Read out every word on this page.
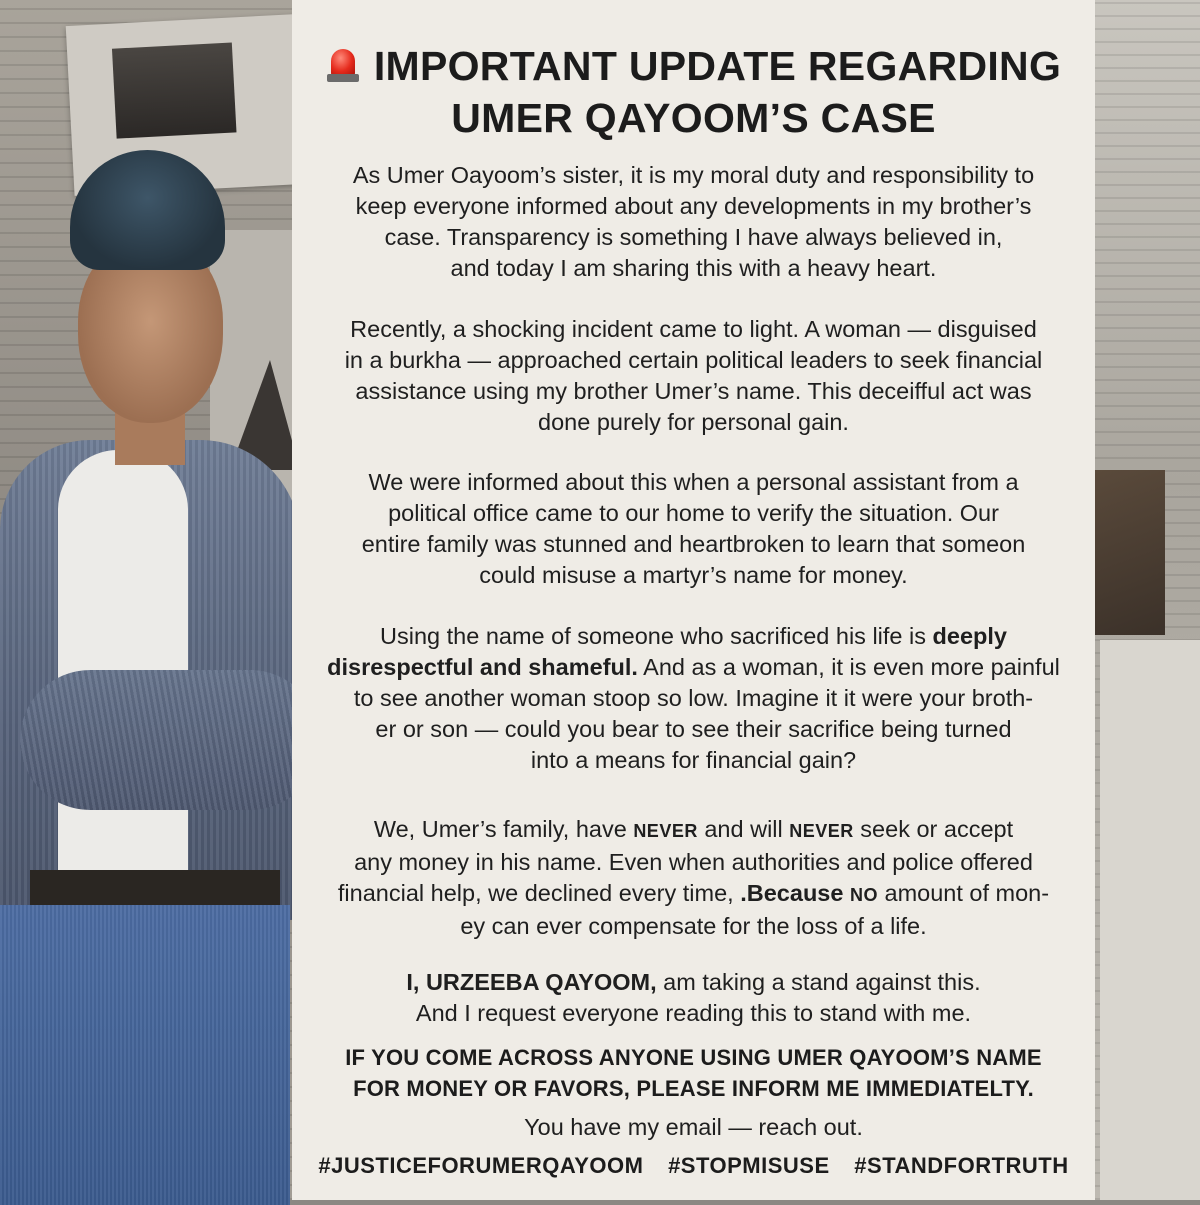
IMPORTANT UPDATE REGARDING
UMER QAYOOM’S CASE
As Umer Oayoom’s sister, it is my moral duty and responsibility to
keep everyone informed about any developments in my brother’s
case. Transparency is something I have always believed in,
and today I am sharing this with a heavy heart.
Recently, a shocking incident came to light. A woman — disguised
in a burkha — approached certain political leaders to seek financial
assistance using my brother Umer’s name. This deceifful act was
done purely for personal gain.
We were informed about this when a personal assistant from a
political office came to our home to verify the situation. Our
entire family was stunned and heartbroken to learn that someon
could misuse a martyr’s name for money.
Using the name of someone who sacrificed his life is deeply
disrespectful and shameful. And as a woman, it is even more painful
to see another woman stoop so low. Imagine it it were your broth-
er or son — could you bear to see their sacrifice being turned
into a means for financial gain?
We, Umer’s family, have NEVER and will NEVER seek or accept
any money in his name. Even when authorities and police offered
financial help, we declined every time, .Because NO amount of mon-
ey can ever compensate for the loss of a life.
I, URZEEBA QAYOOM, am taking a stand against this.
And I request everyone reading this to stand with me.
IF YOU COME ACROSS ANYONE USING UMER QAYOOM’S NAME
FOR MONEY OR FAVORS, PLEASE INFORM ME IMMEDIATELTY.
You have my email — reach out.
#JUSTICEFORUMERQAYOOM #STOPMISUSE #STANDFORTRUTH
